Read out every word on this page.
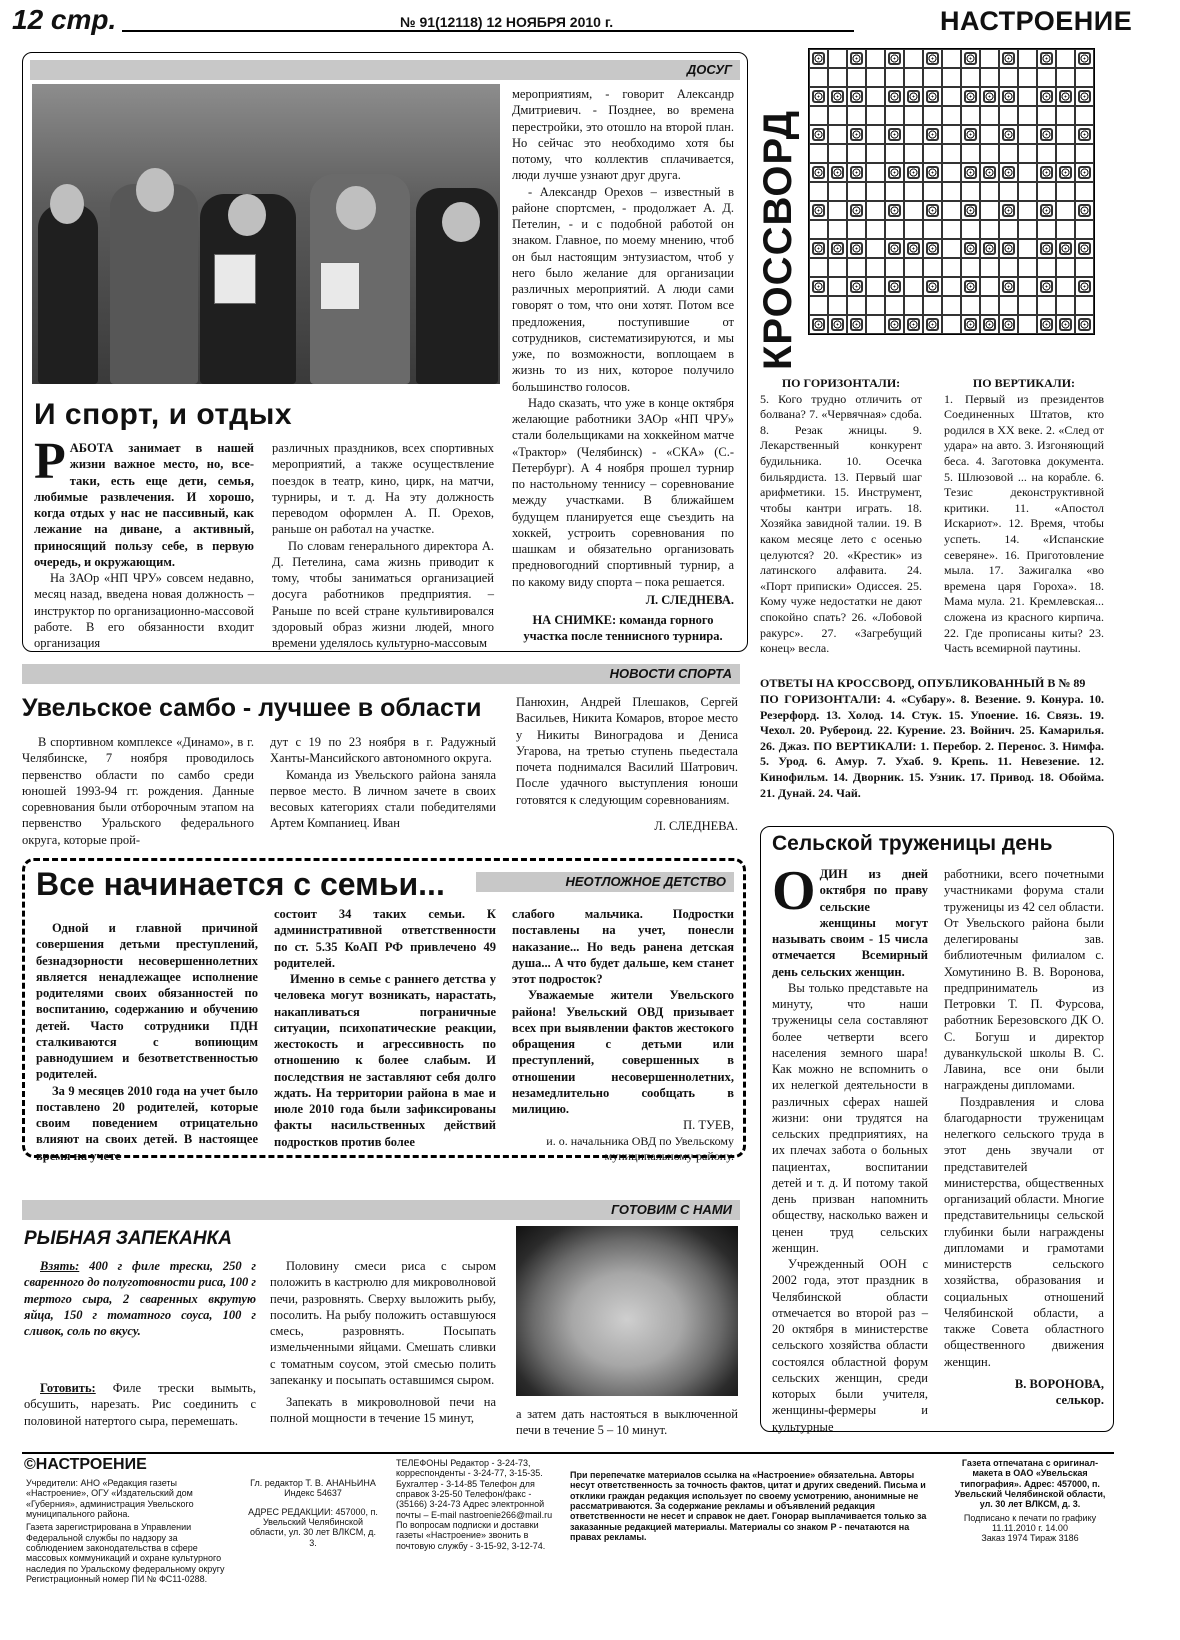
12 стр.	№ 91(12118) 12 НОЯБРЯ 2010 г.	НАСТРОЕНИЕ
ДОСУГ
И спорт, и отдых
Р АБОТА занимает в нашей жизни важное место, но, все-таки, есть еще дети, семья, любимые развлечения. И хорошо, когда отдых у нас не пассивный, как лежание на диване, а активный, приносящий пользу себе, в первую очередь, и окружающим.

На ЗАОр «НП ЧРУ» совсем недавно, месяц назад, введена новая должность – инструктор по организационно-массовой работе. В его обязанности входит организация

различных праздников, всех спортивных мероприятий, а также осуществление поездок в театр, кино, цирк, на матчи, турниры, и т. д. На эту должность переводом оформлен А. П. Орехов, раньше он работал на участке.

По словам генерального директора А. Д. Петелина, сама жизнь приводит к тому, чтобы заниматься организацией досуга работников предприятия. – Раньше по всей стране культивировался здоровый образ жизни людей, много времени уделялось культурно-массовым

мероприятиям, - говорит Александр Дмитриевич. - Позднее, во времена перестройки, это отошло на второй план. Но сейчас это необходимо хотя бы потому, что коллектив сплачивается, люди лучше узнают друг друга.

- Александр Орехов – известный в районе спортсмен, - продолжает А. Д. Петелин, - и с подобной работой он знаком. Главное, по моему мнению, чтоб он был настоящим энтузиастом, чтоб у него было желание для организации различных мероприятий. А люди сами говорят о том, что они хотят. Потом все предложения, поступившие от сотрудников, систематизируются, и мы уже, по возможности, воплощаем в жизнь то из них, которое получило большинство голосов.

Надо сказать, что уже в конце октября желающие работники ЗАОр «НП ЧРУ» стали болельщиками на хоккейном матче «Трактор» (Челябинск) - «СКА» (С.-Петербург). А 4 ноября прошел турнир по настольному теннису – соревнование между участками. В ближайшем будущем планируется еще съездить на хоккей, устроить соревнования по шашкам и обязательно организовать предновогодний спортивный турнир, а по какому виду спорта – пока решается.

Л. СЛЕДНЕВА.
НА СНИМКЕ: команда горного участка после теннисного турнира.
КРОССВОРД
ПО ГОРИЗОНТАЛИ:
5. Кого трудно отличить от болвана? 7. «Червячная» сдоба. 8. Резак жницы. 9. Лекарственный конкурент будильника. 10. Осечка бильярдиста. 13. Первый шаг арифметики. 15. Инструмент, чтобы кантри играть. 18. Хозяйка завидной талии. 19. В каком месяце лето с осенью целуются? 20. «Крестик» из латинского алфавита. 24. «Порт приписки» Одиссея. 25. Кому чуже недостатки не дают спокойно спать? 26. «Лобовой ракурс». 27. «Загребущий конец» весла.
ПО ВЕРТИКАЛИ:
1. Первый из президентов Соединенных Штатов, кто родился в XX веке. 2. «След от удара» на авто. 3. Изгоняющий беса. 4. Заготовка документа. 5. Шлюзовой ... на корабле. 6. Тезис деконструктивной критики. 11. «Апостол Искариот». 12. Время, чтобы успеть. 14. «Испанские северяне». 16. Приготовление мыла. 17. Зажигалка «во времена царя Гороха». 18. Мама мула. 21. Кремлевская... сложена из красного кирпича. 22. Где прописаны киты? 23. Часть всемирной паутины.
ОТВЕТЫ НА КРОССВОРД, ОПУБЛИКОВАННЫЙ В № 89
ПО ГОРИЗОНТАЛИ: 4. «Субару». 8. Везение. 9. Конура. 10. Резерфорд. 13. Холод. 14. Стук. 15. Упоение. 16. Связь. 19. Чехол. 20. Рубероид. 22. Курение. 23. Войнич. 25. Камарилья. 26. Джаз. ПО ВЕРТИКАЛИ: 1. Перебор. 2. Перенос. 3. Нимфа. 5. Урод. 6. Амур. 7. Ухаб. 9. Крепь. 11. Невезение. 12. Кинофильм. 14. Дворник. 15. Узник. 17. Привод. 18. Обойма. 21. Дунай. 24. Чай.
НОВОСТИ СПОРТА
Увельское самбо - лучшее в области
В спортивном комплексе «Динамо», в г. Челябинске, 7 ноября проводилось первенство области по самбо среди юношей 1993-94 гг. рождения. Данные соревнования были отборочным этапом на первенство Уральского федерального округа, которые прой-

дут с 19 по 23 ноября в г. Радужный Ханты-Мансийского автономного округа.

Команда из Увельского района заняла первое место. В личном зачете в своих весовых категориях стали победителями Артем Компаниец. Иван

Панюхин, Андрей Плешаков, Сергей Васильев, Никита Комаров, второе место у Никиты Виноградова и Дениса Угарова, на третью ступень пьедестала почета поднимался Василий Шатрович. После удачного выступления юноши готовятся к следующим соревнованиям.

Л. СЛЕДНЕВА.
Все начинается с семьи...	НЕОТЛОЖНОЕ ДЕТСТВО

Одной и главной причиной совершения детьми преступлений, безнадзорности несовершеннолетних является ненадлежащее исполнение родителями своих обязанностей по воспитанию, содержанию и обучению детей. Часто сотрудники ПДН сталкиваются с вопиющим равнодушием и безответственностью родителей.

За 9 месяцев 2010 года на учет было поставлено 20 родителей, которые своим поведением отрицательно влияют на своих детей. В настоящее время на учете

состоит 34 таких семьи. К административной ответственности по ст. 5.35 КоАП РФ привлечено 49 родителей.

Именно в семье с раннего детства у человека могут возникать, нарастать, накапливаться пограничные ситуации, психопатические реакции, жестокость и агрессивность по отношению к более слабым. И последствия не заставляют себя долго ждать. На территории района в мае и июле 2010 года были зафиксированы факты насильственных действий подростков против более

слабого мальчика. Подростки поставлены на учет, понесли наказание... Но ведь ранена детская душа... А что будет дальше, кем станет этот подросток?

Уважаемые жители Увельского района! Увельский ОВД призывает всех при выявлении фактов жестокого обращения с детьми или преступлений, совершенных в отношении несовершеннолетних, незамедлительно сообщать в милицию.

П. ТУЕВ,
и. о. начальника ОВД по Увельскому муниципальному району.
ГОТОВИМ С НАМИ
РЫБНАЯ ЗАПЕКАНКА
Взять: 400 г филе трески, 250 г сваренного до полуготовности риса, 100 г тертого сыра, 2 сваренных вкрутую яйца, 150 г томатного соуса, 100 г сливок, соль по вкусу.
Готовить: Филе трески вымыть, обсушить, нарезать. Рис соединить с половиной натертого сыра, перемешать.

Половину смеси риса с сыром положить в кастрюлю для микроволновой печи, разровнять. Сверху выложить рыбу, посолить. На рыбу положить оставшуюся смесь, разровнять. Посыпать измельченными яйцами. Смешать сливки с томатным соусом, этой смесью полить запеканку и посыпать оставшимся сыром.

Запекать в микроволновой печи на полной мощности в течение 15 минут,	а затем дать настояться в выключенной печи в течение 5 – 10 минут.
Сельской труженицы день
О ДИН из дней октября по праву сельские женщины могут называть своим - 15 числа отмечается Всемирный день сельских женщин.

Вы только представьте на минуту, что наши труженицы села составляют более четверти всего населения земного шара! Как можно не вспомнить о их нелегкой деятельности в различных сферах нашей жизни: они трудятся на сельских предприятиях, на их плечах забота о больных пациентах, воспитании детей и т. д. И потому такой день призван напомнить обществу, насколько важен и ценен труд сельских женщин.

Учрежденный ООН с 2002 года, этот праздник в Челябинской области отмечается во второй раз – 20 октября в министерстве сельского хозяйства области состоялся областной форум сельских женщин, среди которых были учителя, женщины-фермеры и культурные

работники, всего почетными участниками форума стали труженицы из 42 сел области. От Увельского района были делегированы зав. библиотечным филиалом с. Хомутинино В. В. Воронова, предприниматель из Петровки Т. П. Фурсова, работник Березовского ДК О. С. Богуш и директор дуванкульской школы В. С. Лавина, все они были награждены дипломами.

Поздравления и слова благодарности труженицам нелегкого сельского труда в этот день звучали от представителей министерства, общественных организаций области. Многие представительницы сельской глубинки были награждены дипломами и грамотами министерств сельского хозяйства, образования и социальных отношений Челябинской области, а также Совета областного общественного движения женщин.

В. ВОРОНОВА,
селькор.
©НАСТРОЕНИЕ
Учредители: АНО «Редакция газеты «Настроение», ОГУ «Издательский дом «Губерния», администрация Увельского муниципального района.
Газета зарегистрирована в Управлении Федеральной службы по надзору за соблюдением законодательства в сфере массовых коммуникаций и охране культурного наследия по Уральскому федеральному округу
Регистрационный номер ПИ № ФС11-0288.
Гл. редактор Т. В. АНАНЬИНА
Индекс 54637
АДРЕС РЕДАКЦИИ: 457000, п. Увельский Челябинской области, ул. 30 лет ВЛКСМ, д. 3.
ТЕЛЕФОНЫ Редактор - 3-24-73, корреспонденты - 3-24-77, 3-15-35. Бухгалтер - 3-14-85 Телефон для справок 3-25-50 Телефон/факс - (35166) 3-24-73 Адрес электронной почты – E-mail nastroenie266@mail.ru По вопросам подписки и доставки газеты «Настроение» звонить в почтовую службу - 3-15-92, 3-12-74.
При перепечатке материалов ссылка на «Настроение» обязательна. Авторы несут ответственность за точность фактов, цитат и других сведений. Письма и отклики граждан редакция использует по своему усмотрению, анонимные не рассматриваются. За содержание рекламы и объявлений редакция ответственности не несет и справок не дает. Гонорар выплачивается только за заказанные редакцией материалы. Материалы со знаком Р - печатаются на правах рекламы.
Газета отпечатана с оригинал-макета в ОАО «Увельская типография». Адрес: 457000, п. Увельский Челябинской области, ул. 30 лет ВЛКСМ, д. 3.
Подписано к печати по графику 11.11.2010 г. 14.00
Заказ 1974 Тираж 3186
